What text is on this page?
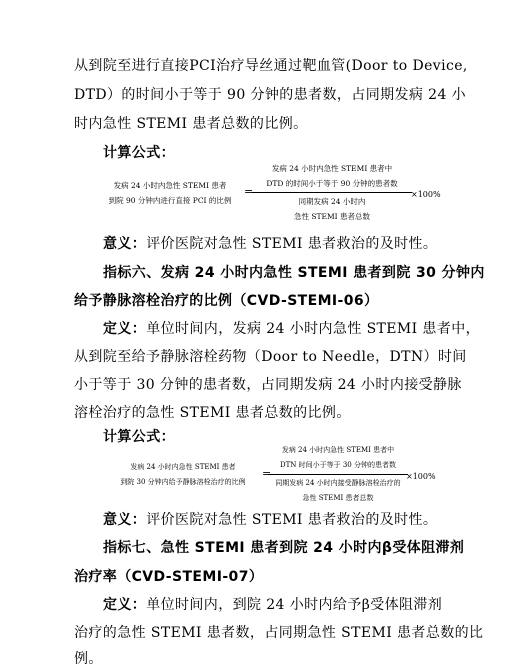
从到院至进行直接PCI治疗导丝通过靶血管(Door to Device,
DTD）的时间小于等于 90 分钟的患者数，占同期发病 24 小
时内急性 STEMI 患者总数的比例。
计算公式：
发病 24 小时内急性 STEMI 患者
到院 90 分钟内进行直接 PCI 的比例
=
发病 24 小时内急性 STEMI 患者中
DTD 的时间小于等于 90 分钟的患者数
同期发病 24 小时内
急性 STEMI 患者总数
×100%
意义：评价医院对急性 STEMI 患者救治的及时性。
指标六、发病 24 小时内急性 STEMI 患者到院 30 分钟内
给予静脉溶栓治疗的比例（CVD-STEMI-06）
定义：单位时间内，发病 24 小时内急性 STEMI 患者中，
从到院至给予静脉溶栓药物（Door to Needle，DTN）时间
小于等于 30 分钟的患者数，占同期发病 24 小时内接受静脉
溶栓治疗的急性 STEMI 患者总数的比例。
计算公式：
发病 24 小时内急性 STEMI 患者
到院 30 分钟内给予静脉溶栓治疗的比例
=
发病 24 小时内急性 STEMI 患者中
DTN 时间小于等于 30 分钟的患者数
同期发病 24 小时内接受静脉溶栓治疗的
急性 STEMI 患者总数
×100%
意义：评价医院对急性 STEMI 患者救治的及时性。
指标七、急性 STEMI 患者到院 24 小时内β受体阻滞剂
治疗率（CVD-STEMI-07）
定义：单位时间内，到院 24 小时内给予β受体阻滞剂
治疗的急性 STEMI 患者数，占同期急性 STEMI 患者总数的比
例。
